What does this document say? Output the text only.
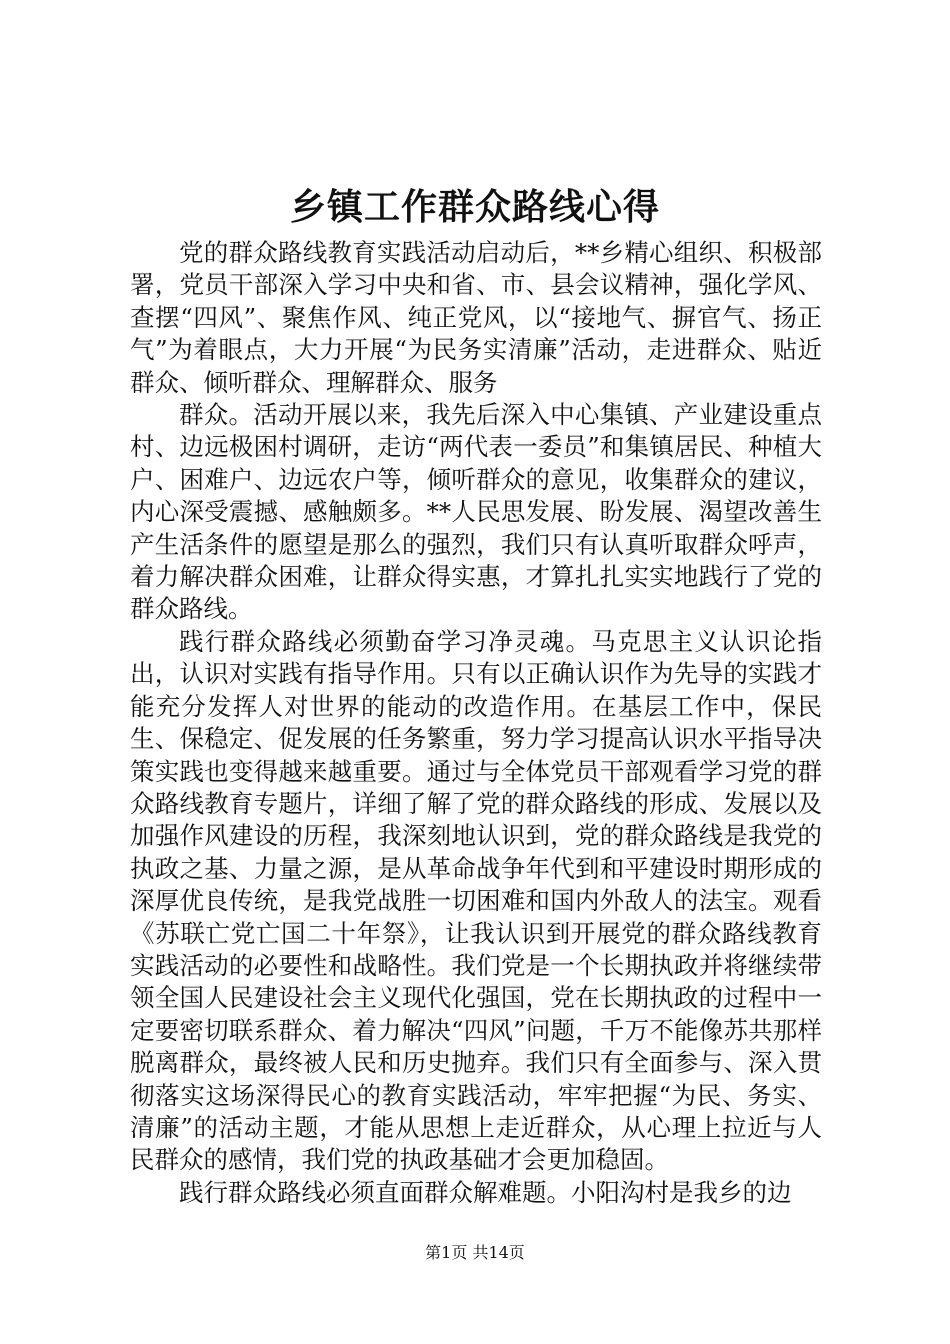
乡镇工作群众路线心得

党的群众路线教育实践活动启动后，**乡精心组织、积极部署，党员干部深入学习中央和省、市、县会议精神，强化学风、查摆“四风”、聚焦作风、纯正党风，以“接地气、摒官气、扬正气”为着眼点，大力开展“为民务实清廉”活动，走进群众、贴近群众、倾听群众、理解群众、服务

群众。活动开展以来，我先后深入中心集镇、产业建设重点村、边远极困村调研，走访“两代表一委员”和集镇居民、种植大户、困难户、边远农户等，倾听群众的意见，收集群众的建议，内心深受震撼、感触颇多。**人民思发展、盼发展、渴望改善生产生活条件的愿望是那么的强烈，我们只有认真听取群众呼声，着力解决群众困难，让群众得实惠，才算扎扎实实地践行了党的群众路线。

践行群众路线必须勤奋学习净灵魂。马克思主义认识论指出，认识对实践有指导作用。只有以正确认识作为先导的实践才能充分发挥人对世界的能动的改造作用。在基层工作中，保民生、保稳定、促发展的任务繁重，努力学习提高认识水平指导决策实践也变得越来越重要。通过与全体党员干部观看学习党的群众路线教育专题片，详细了解了党的群众路线的形成、发展以及加强作风建设的历程，我深刻地认识到，党的群众路线是我党的执政之基、力量之源，是从革命战争年代到和平建设时期形成的深厚优良传统，是我党战胜一切困难和国内外敌人的法宝。观看《苏联亡党亡国二十年祭》，让我认识到开展党的群众路线教育实践活动的必要性和战略性。我们党是一个长期执政并将继续带领全国人民建设社会主义现代化强国，党在长期执政的过程中一定要密切联系群众、着力解决“四风”问题，千万不能像苏共那样脱离群众，最终被人民和历史抛弃。我们只有全面参与、深入贯彻落实这场深得民心的教育实践活动，牢牢把握“为民、务实、清廉”的活动主题，才能从思想上走近群众，从心理上拉近与人民群众的感情，我们党的执政基础才会更加稳固。

践行群众路线必须直面群众解难题。小阳沟村是我乡的边

第1页 共14页
